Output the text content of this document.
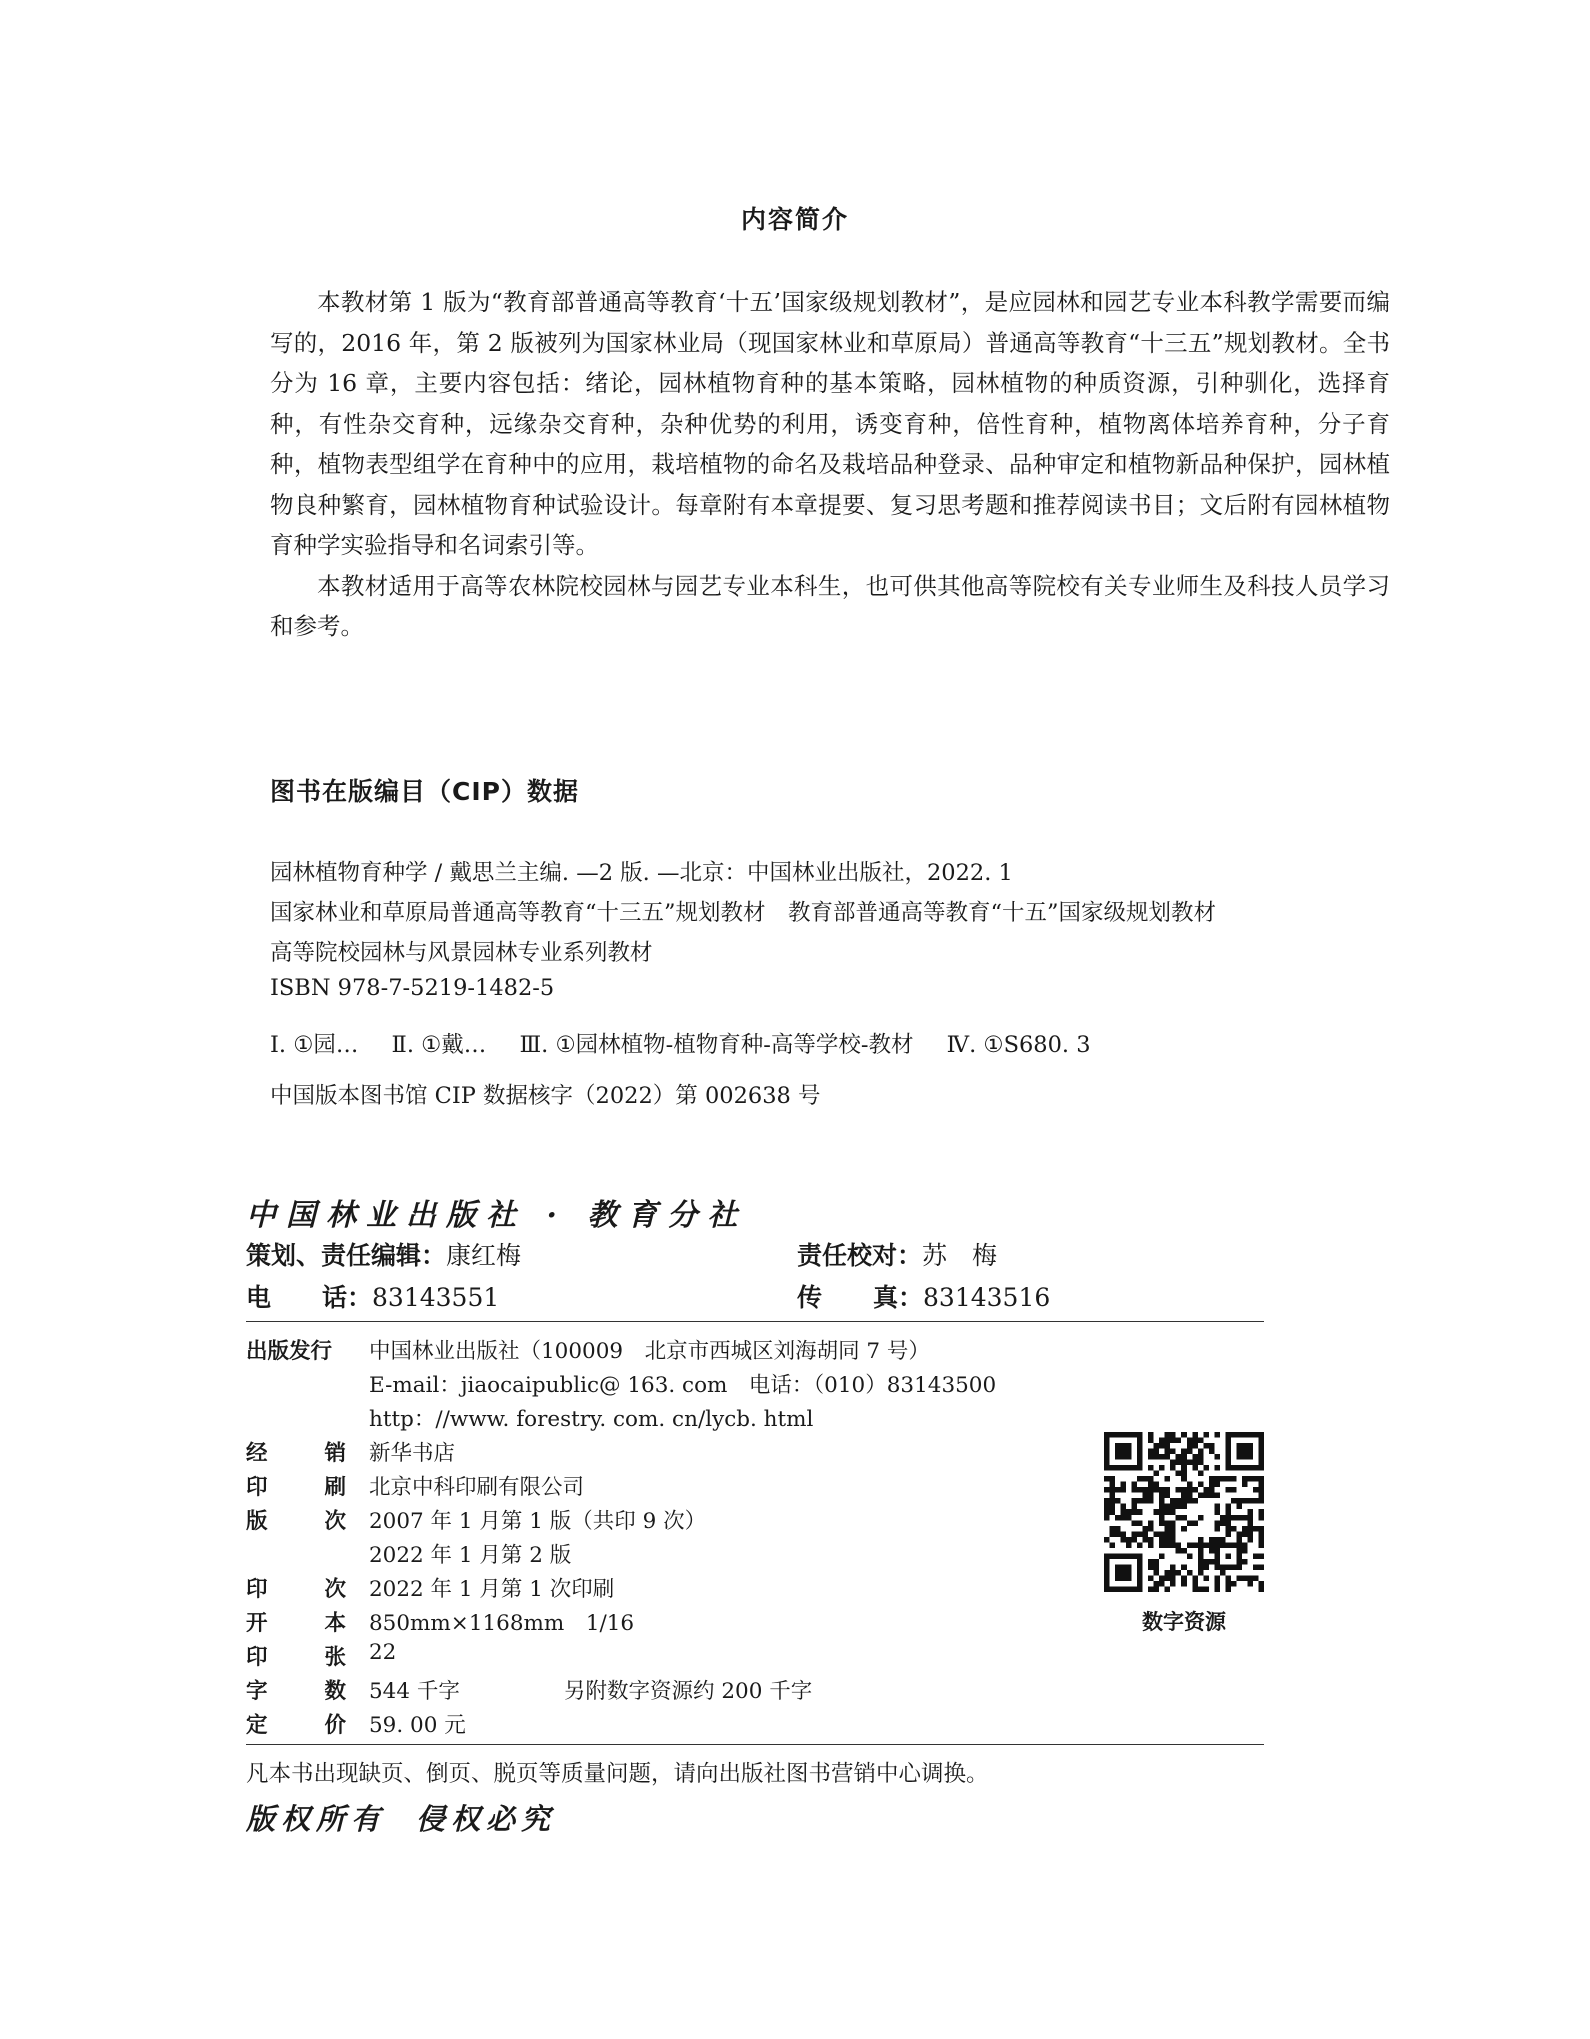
内容简介

本教材第 1 版为“教育部普通高等教育‘十五’国家级规划教材”，是应园林和园艺专业本科教学需要而编写的，2016 年，第 2 版被列为国家林业局（现国家林业和草原局）普通高等教育“十三五”规划教材。全书分为 16 章，主要内容包括：绪论，园林植物育种的基本策略，园林植物的种质资源，引种驯化，选择育种，有性杂交育种，远缘杂交育种，杂种优势的利用，诱变育种，倍性育种，植物离体培养育种，分子育种，植物表型组学在育种中的应用，栽培植物的命名及栽培品种登录、品种审定和植物新品种保护，园林植物良种繁育，园林植物育种试验设计。每章附有本章提要、复习思考题和推荐阅读书目；文后附有园林植物育种学实验指导和名词索引等。

本教材适用于高等农林院校园林与园艺专业本科生，也可供其他高等院校有关专业师生及科技人员学习和参考。

图书在版编目（CIP）数据
园林植物育种学 / 戴思兰主编. —2 版. —北京：中国林业出版社，2022. 1
国家林业和草原局普通高等教育“十三五”规划教材　教育部普通高等教育“十五”国家级规划教材
高等院校园林与风景园林专业系列教材
ISBN 978-7-5219-1482-5
Ⅰ. ①园… Ⅱ. ①戴… Ⅲ. ①园林植物-植物育种-高等学校-教材 Ⅳ. ①S680. 3
中国版本图书馆 CIP 数据核字（2022）第 002638 号
中国林业出版社 · 教育分社
策划、责任编辑：康红梅	责任校对：苏　梅
电 话：83143551	传 真：83143516
出版发行	中国林业出版社（100009　北京市西城区刘海胡同 7 号）
E-mail：jiaocaipublic@ 163. com　电话：（010）83143500
http：//www. forestry. com. cn/lycb. html
经	销 新华书店
印	刷 北京中科印刷有限公司
版	次 2007 年 1 月第 1 版（共印 9 次）
2022 年 1 月第 2 版
印	次 2022 年 1 月第 1 次印刷
开	本 850mm×1168mm　1/16
印	张 22
字	数 544 千字	另附数字资源约 200 千字
定	价 59. 00 元
数字资源
凡本书出现缺页、倒页、脱页等质量问题，请向出版社图书营销中心调换。
版权所有 侵权必究
